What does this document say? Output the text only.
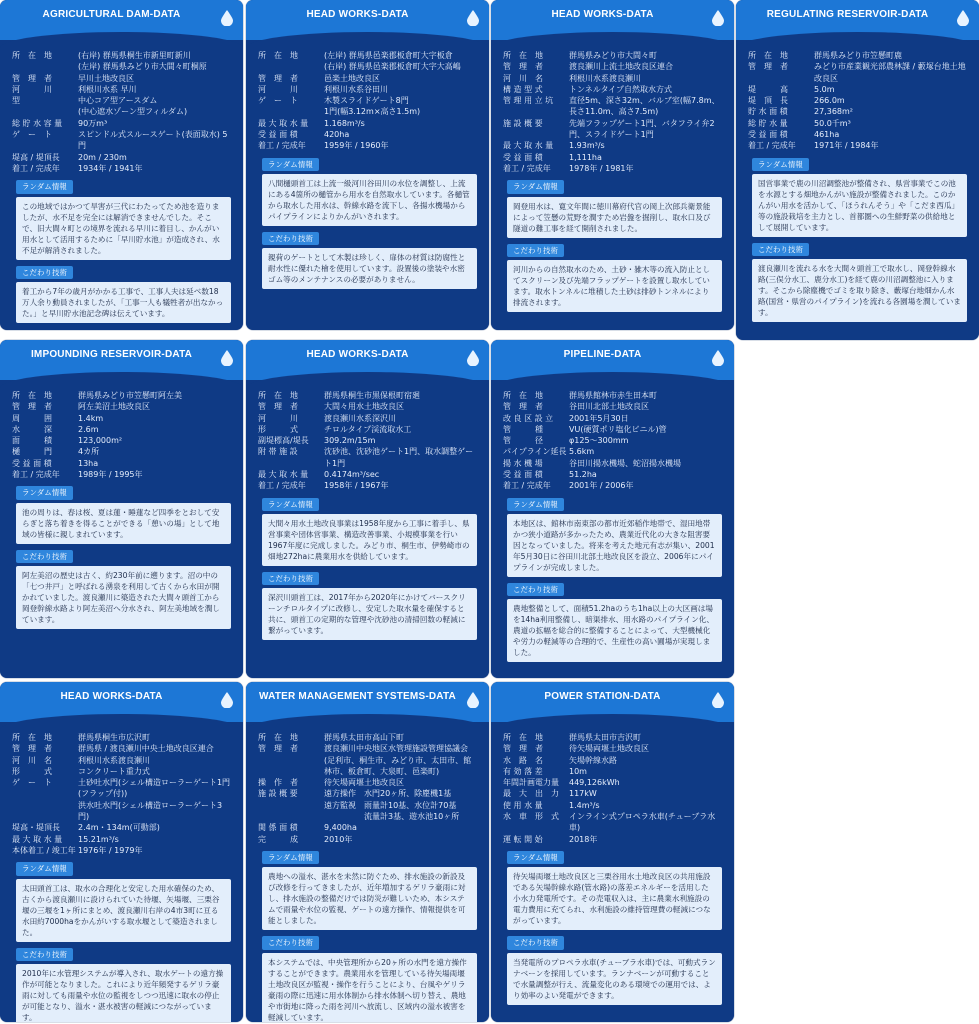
AGRICULTURAL DAM-DATA
所　在　地	(右岸) 群馬県桐生市新里町新川
(左岸) 群馬県みどり市大間々町桐原
管　理　者	早川土地改良区
河　　　川	利根川水系 早川
型	中心コア型アースダム
(中心遮水ゾーン型フィルダム)
総 貯 水 容 量	90万m³
ゲ　ー　ト	スピンドル式スルースゲート(表面取水) 5門
堤高 / 堤頂長	20m / 230m
着工 / 完成年	1934年 / 1941年
ランダム情報
この地域ではかつて旱害が三代にわたってため池を造りましたが、水不足を完全には解消できませんでした。そこで、旧大間々町との境界を流れる早川に着目し、かんがい用水として活用するために「早川貯水池」が造成され、水不足が解消されました。
こだわり技術
着工から7年の歳月がかかる工事で、工事人夫は延べ数18万人余り動員されましたが、「工事一人も犠牲者が出なかった。」と早川貯水池記念碑は伝えています。
HEAD WORKS-DATA
所　在　地	(左岸) 群馬県邑楽郡板倉町大字板倉
(右岸) 群馬県邑楽郡板倉町大字大高嶋
管　理　者	邑楽土地改良区
河　　　川	利根川水系谷田川
ゲ　ー　ト	木製スライドゲート8門
1門(幅3.12m×高さ1.5m)
最 大 取 水 量	1.168m³/s
受 益 面 積	420ha
着工 / 完成年	1959年 / 1960年
ランダム情報
八間樋頭首工は上流一級河川谷田川の水位を調整し、上流にある4箇所の樋管から用水を自然取水しています。各樋管から取水した用水は、幹線水路を流下し、各揚水機場からパイプラインによりかんがいされます。
こだわり技術
親荷のゲートとして木製は珍しく、扉体の材質は防腐性と耐水性に優れた檜を使用しています。設置後の塗装や水密ゴム等のメンテナンスの必要がありません。
HEAD WORKS-DATA
所　在　地	群馬県みどり市大間々町
管　理　者	渡良瀬川上流土地改良区連合
河　川　名	利根川水系渡良瀬川
構 造 型 式	トンネルタイプ自然取水方式
管 理 用 立 坑	直径5m、深さ32m、バルブ室(幅7.8m、長さ11.0m、高さ7.5m)
施 設 概 要	先端フラップゲート1門、バタフライ弁2門、スライドゲート1門
最 大 取 水 量	1.93m³/s
受 益 面 積	1,111ha
着工 / 完成年	1978年 / 1981年
ランダム情報
岡登用水は、寛文年間に徳川幕府代官の岡上次郎兵衛景能によって笠懸の荒野を潤すため岩盤を掘削し、取水口及び隧道の難工事を経て開削されました。
こだわり技術
河川からの自然取水のため、土砂・雑木等の流入防止としてスクリーン及び先端フラップゲートを設置し取水しています。取水トンネルに堆積した土砂は排砂トンネルにより排流されます。
REGULATING RESERVOIR-DATA
所　在　地	群馬県みどり市笠懸町鹿
管　理　者	みどり市産業観光部農林課 / 藪塚台地土地改良区
堤　　　高	5.0m
堤　頂　長	266.0m
貯 水 面 積	27,368m²
総 貯 水 量	50.0千m³
受 益 面 積	461ha
着工 / 完成年	1971年 / 1984年
ランダム情報
国営事業で鹿の川沼調整池が整備され、県営事業でこの池を水源とする畑地かんがい施設が整備されました。このかんがい用水を活かして、「ほうれんそう」や「こだま西瓜」等の施設栽培を主力とし、首都圏への生鮮野菜の供給地として展開しています。
こだわり技術
渡良瀬川を流れる水を大間々頭首工で取水し、岡登幹線水路(三俣分水工、鹿分水工)を経て鹿の川沼調整池に入ります。そこから除塵機でゴミを取り除き、藪塚台地畑かん水路(国営・県営のパイプライン)を流れる各園場を潤しています。
IMPOUNDING RESERVOIR-DATA
所　在　地	群馬県みどり市笠懸町阿左美
管　理　者	阿左美沼土地改良区
周　　　囲	1.4km
水　　　深	2.6m
面　　　積	123,000m²
樋　　　門	4カ所
受 益 面 積	13ha
着工 / 完成年	1989年 / 1995年
ランダム情報
池の周りは、春は桜、夏は蓮・睡蓮など四季をとおして安らぎと落ち着きを得ることができる「憩いの場」として地域の皆様に親しまれています。
こだわり技術
阿左美沼の歴史は古く、約230年前に遡ります。沼の中の「七つ井戸」と呼ばれる湧泉を利用して古くから水田が開かれていました。渡良瀬川に築造された大間々頭首工から岡登幹線水路より阿左美沼へ分水され、阿左美地域を潤しています。
HEAD WORKS-DATA
所　在　地	群馬県桐生市黒保根町宿廻
管　理　者	大間々用水土地改良区
河　　　川	渡良瀬川水系深沢川
形　　　式	チロルタイプ渓流取水工
副堤標高/堤長	309.2m/15m
附 帯 施 設	沈砂池、沈砂池ゲート1門、取水調整ゲート1門
最 大 取 水 量	0.4174m³/sec
着工 / 完成年	1958年 / 1967年
ランダム情報
大間々用水土地改良事業は1958年度から工事に着手し、県営事業や団体営事業、構造改善事業、小規模事業を行い1967年度に完成しました。みどり市、桐生市、伊勢崎市の畑地272haに農業用水を供給しています。
こだわり技術
深沢川頭首工は、2017年から2020年にかけてバースクリーンチロルタイプに改修し、安定した取水量を確保すると共に、頭首工の定期的な管理や沈砂池の清掃回数の軽減に繋がっています。
PIPELINE-DATA
所　在　地	群馬県館林市赤生田本町
管　理　者	谷田川北部土地改良区
改 良 区 設 立	2001年5月30日
管　　　種	VU(硬質ポリ塩化ビニル)管
管　　　径	φ125〜300mm
パイプライン延長 5.6km
揚 水 機 場	谷田川揚水機場、蛇沼揚水機場
受 益 面 積	51.2ha
着工 / 完成年	2001年 / 2006年
ランダム情報
本地区は、館林市南東部の都市近郊稲作地帯で、湿田地帯かつ狭小道路が多かったため、農業近代化の大きな阻害要因となっていました。将来を考えた地元有志が集い、2001年5月30日に谷田川北部土地改良区を設立、2006年にパイプラインが完成しました。
こだわり技術
農地整備として、面積51.2haのうち1ha以上の大区画は場を14ha利用整備し、暗渠排水、用水路のパイプライン化、農道の拡幅を総合的に整備することによって、大型機械化や労力の軽減等の合理的で、生産性の高い圃場が実現しました。
HEAD WORKS-DATA
所　在　地	群馬県桐生市広沢町
管　理　者	群馬県 / 渡良瀬川中央土地改良区連合
河　川　名	利根川水系渡良瀬川
形　　　式	コンクリート重力式
ゲ　ー　ト	土砂吐水門(シェル構造ローラーゲート1門(フラップ付))
洪水吐水門(シェル構造ローラーゲート3門)
堤高・堤頂長	2.4m・134m(可動部)
最 大 取 水 量	15.21m³/s
本体着工 / 竣工年 1976年 / 1979年
ランダム情報
太田頭首工は、取水の合理化と安定した用水確保のため、古くから渡良瀬川に設けられていた待堰、矢場堰、三栗谷堰の三堰を1ヶ所にまとめ、渡良瀬川右岸の4市3町に亘る水田約7000haをかんがいする取水堰として築造されました。
こだわり技術
2010年に水管理システムが導入され、取水ゲートの遠方操作が可能となりました。これにより近年頻発するゲリラ豪雨に対しても雨量や水位の監視をしつつ迅速に取水の停止が可能となり、溢水・湛水被害の軽減につながっています。
WATER MANAGEMENT SYSTEMS-DATA
所　在　地	群馬県太田市高山下町
管　理　者	渡良瀬川中央地区水管理施設管理協議会(足利市、桐生市、みどり市、太田市、館林市、板倉町、大泉町、邑楽町)
操　作　者	待矢場両堰土地改良区
施 設 概 要	遠方操作　水門20ヶ所、除塵機1基
遠方監視　雨量計10基、水位計70基
　　　　　流量計3基、遊水池10ヶ所
関 係 面 積	9,400ha
完　　　成	2010年
ランダム情報
農地への溢水、湛水を未然に防ぐため、排水施設の新設及び改修を行ってきましたが、近年増加するゲリラ豪雨に対し、排水施設の整備だけでは防災が難しいため、本システムで雨量や水位の監視、ゲートの遠方操作、情報提供を可能としました。
こだわり技術
本システムでは、中央管理所から20ヶ所の水門を遠方操作することができます。農業用水を管理している待矢場両堰土地改良区が監視・操作を行うことにより、台風やゲリラ豪雨の際に迅速に用水体制から排水体制へ切り替え、農地や市街地に降った雨を河川へ放流し、区域内の溢水被害を軽減しています。
POWER STATION-DATA
所　在　地	群馬県太田市吉沢町
管　理　者	待矢場両堰土地改良区
水　路　名	矢場幹線水路
有 効 落 差	10m
年間計画電力量	449,126kWh
最　大　出　力	117kW
使 用 水 量	1.4m³/s
水　車　形　式	インライン式プロペラ水車(チューブラ水車)
運 転 開 始	2018年
ランダム情報
待矢場両堰土地改良区と三栗谷用水土地改良区の共用施設である矢場幹線水路(管水路)の落差エネルギーを活用した小水力発電所です。その売電収入は、主に農業水利施設の電力費用に充てられ、水利施設の維持管理費の軽減につながっています。
こだわり技術
当発電所のプロペラ水車(チューブラ水車)では、可動式ランナベーンを採用しています。ランナベーンが可動することで水量調整が行え、流量変化のある環境での運用では、より効率のよい発電ができます。
